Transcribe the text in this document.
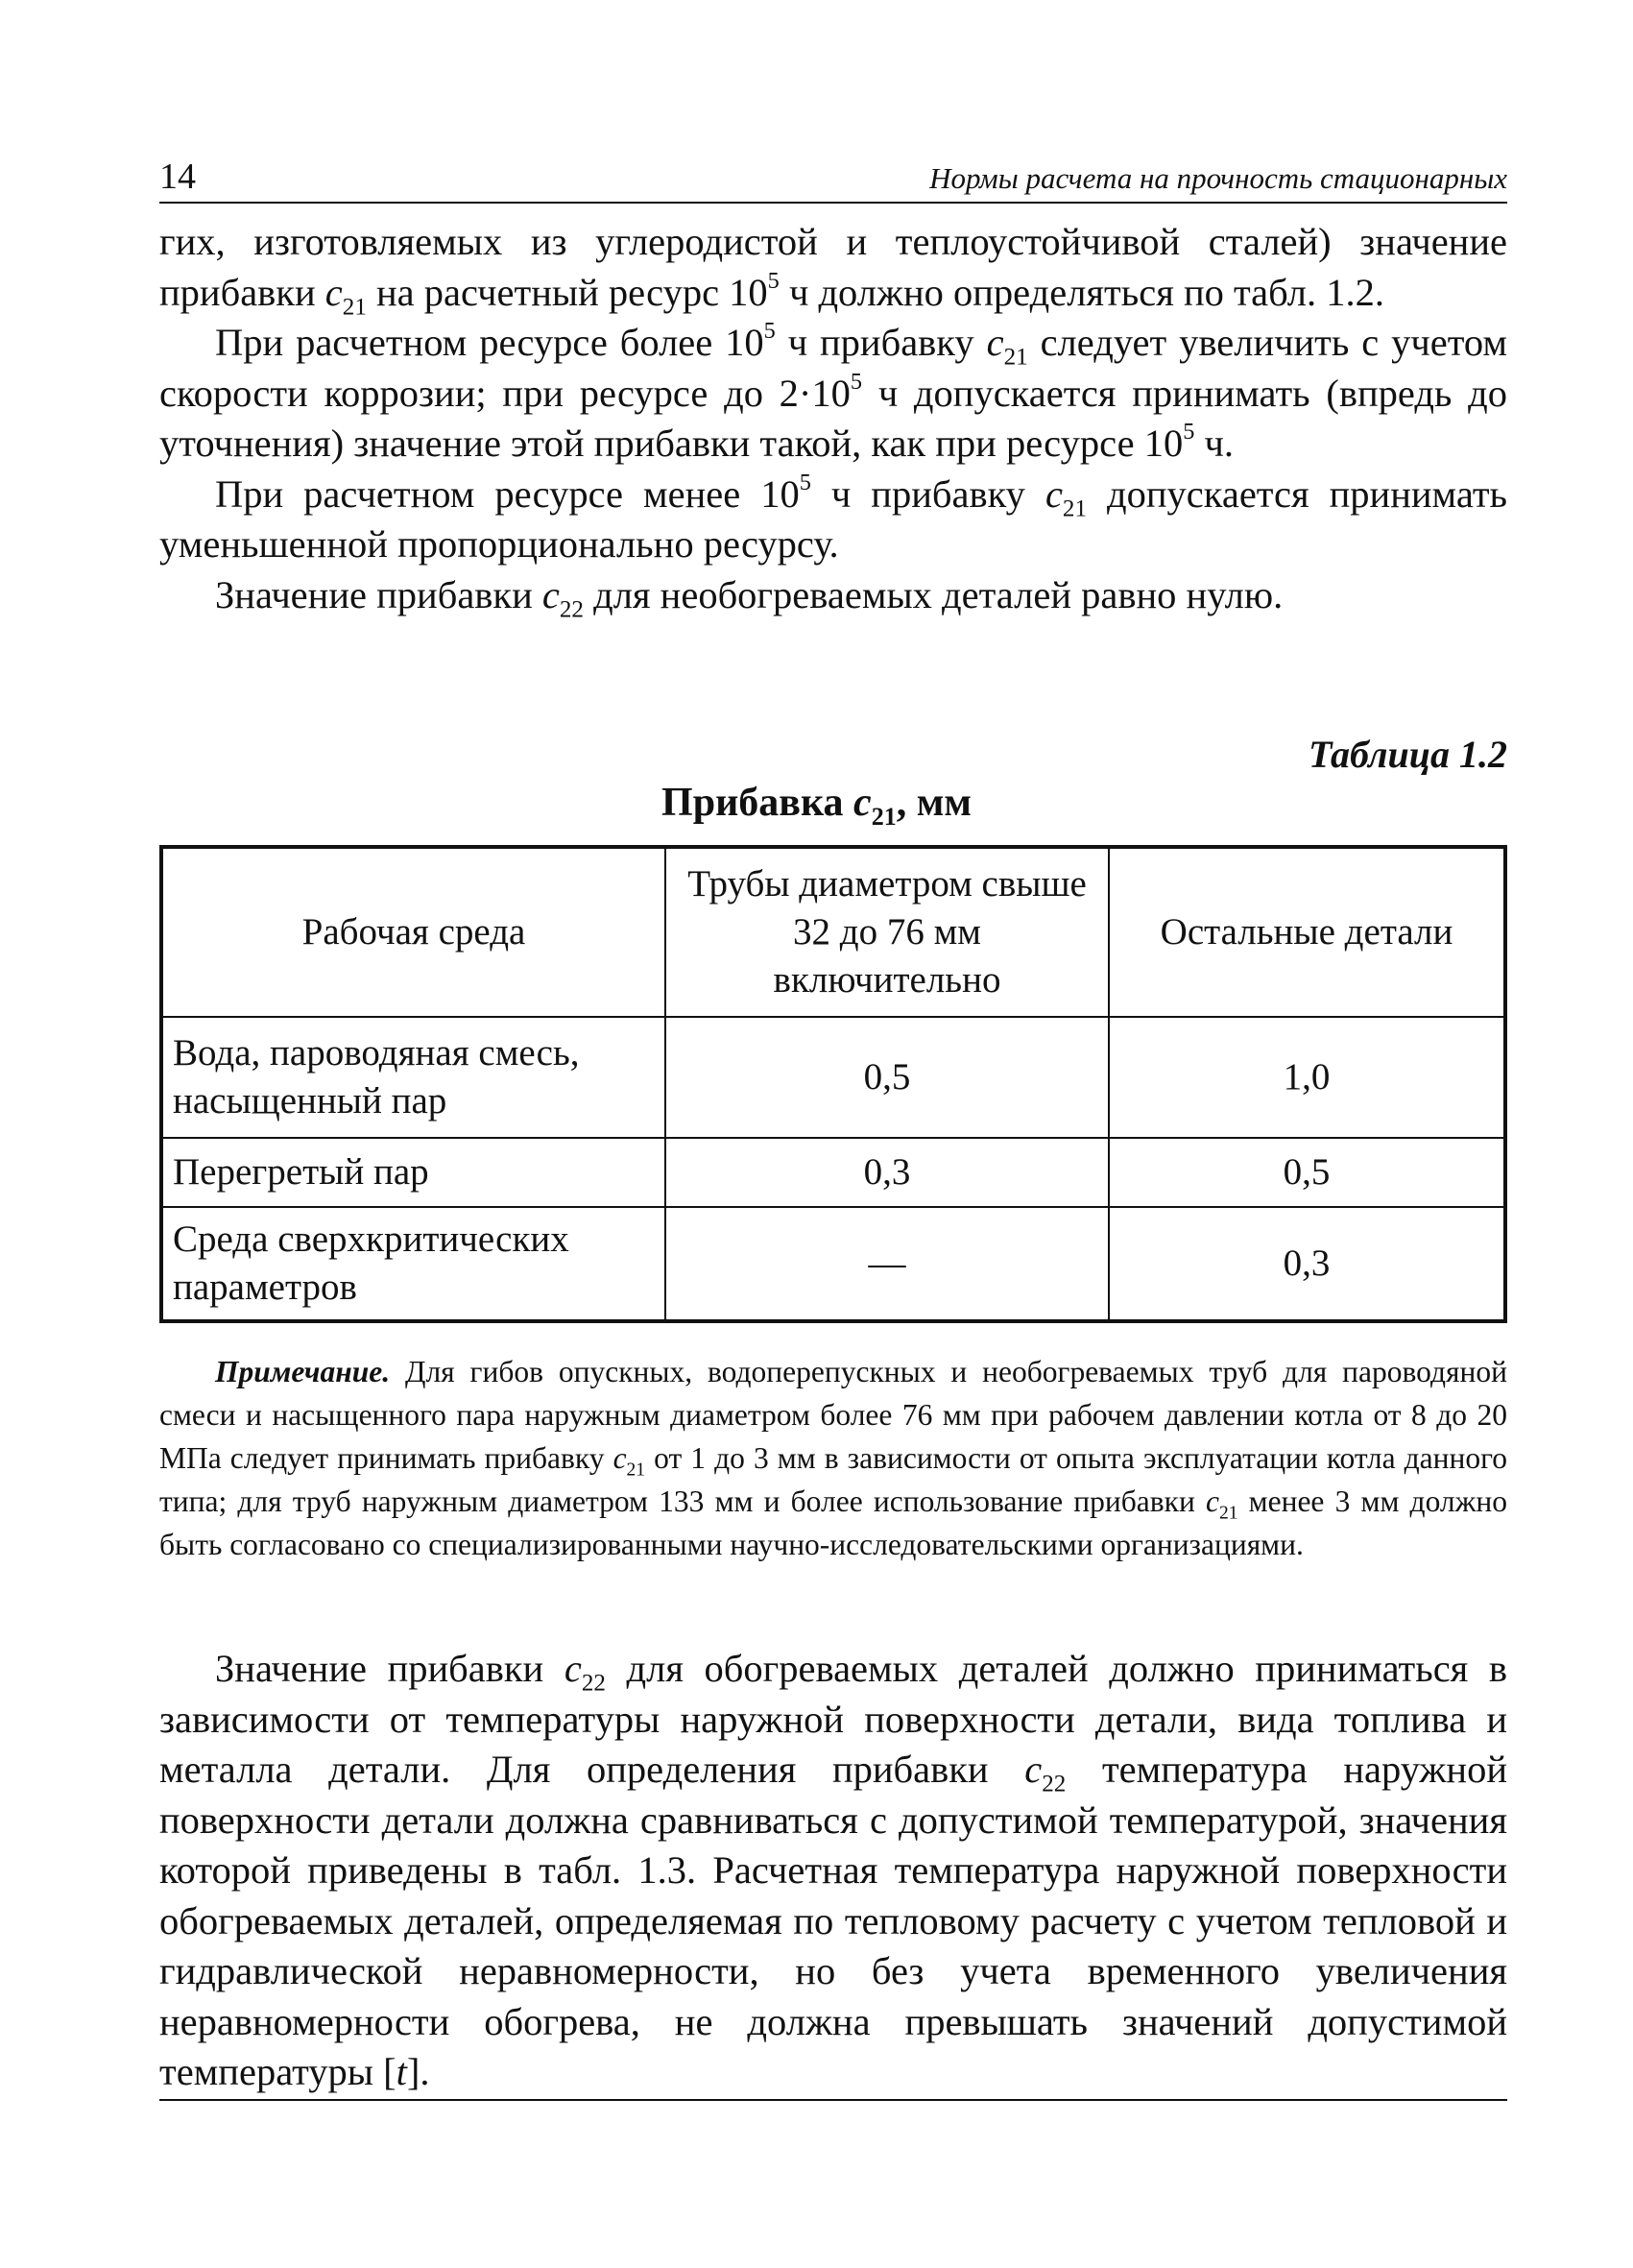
14	Нормы расчета на прочность стационарных

гих, изготовляемых из углеродистой и теплоустойчивой сталей) значение прибавки $c_{21}$ на расчетный ресурс $10^5$ ч должно определяться по табл. 1.2.

При расчетном ресурсе более $10^5$ ч прибавку $c_{21}$ следует увеличить с учетом скорости коррозии; при ресурсе до $2\cdot 10^5$ ч допускается принимать (впредь до уточнения) значение этой прибавки такой, как при ресурсе $10^5$ ч.

При расчетном ресурсе менее $10^5$ ч прибавку $c_{21}$ допускается принимать уменьшенной пропорционально ресурсу.

Значение прибавки $c_{22}$ для необогреваемых деталей равно нулю.

Таблица 1.2
Прибавка $c_{21}$, мм
Рабочая среда	Трубы диаметром свыше 32 до 76 мм включительно	Остальные детали
Вода, пароводяная смесь, насыщенный пар	0,5	1,0
Перегретый пар	0,3	0,5
Среда сверхкритических параметров	—	0,3
Примечание. Для гибов опускных, водоперепускных и необогреваемых труб для пароводяной смеси и насыщенного пара наружным диаметром более 76 мм при рабочем давлении котла от 8 до 20 МПа следует принимать прибавку $c_{21}$ от 1 до 3 мм в зависимости от опыта эксплуатации котла данного типа; для труб наружным диаметром 133 мм и более использование прибавки $c_{21}$ менее 3 мм должно быть согласовано со специализированными научно-исследовательскими организациями.

Значение прибавки $c_{22}$ для обогреваемых деталей должно приниматься в зависимости от температуры наружной поверхности детали, вида топлива и металла детали. Для определения прибавки $c_{22}$ температура наружной поверхности детали должна сравниваться с допустимой температурой, значения которой приведены в табл. 1.3. Расчетная температура наружной поверхности обогреваемых деталей, определяемая по тепловому расчету с учетом тепловой и гидравлической неравномерности, но без учета временного увеличения неравномерности обогрева, не должна превышать значений допустимой температуры [t].
